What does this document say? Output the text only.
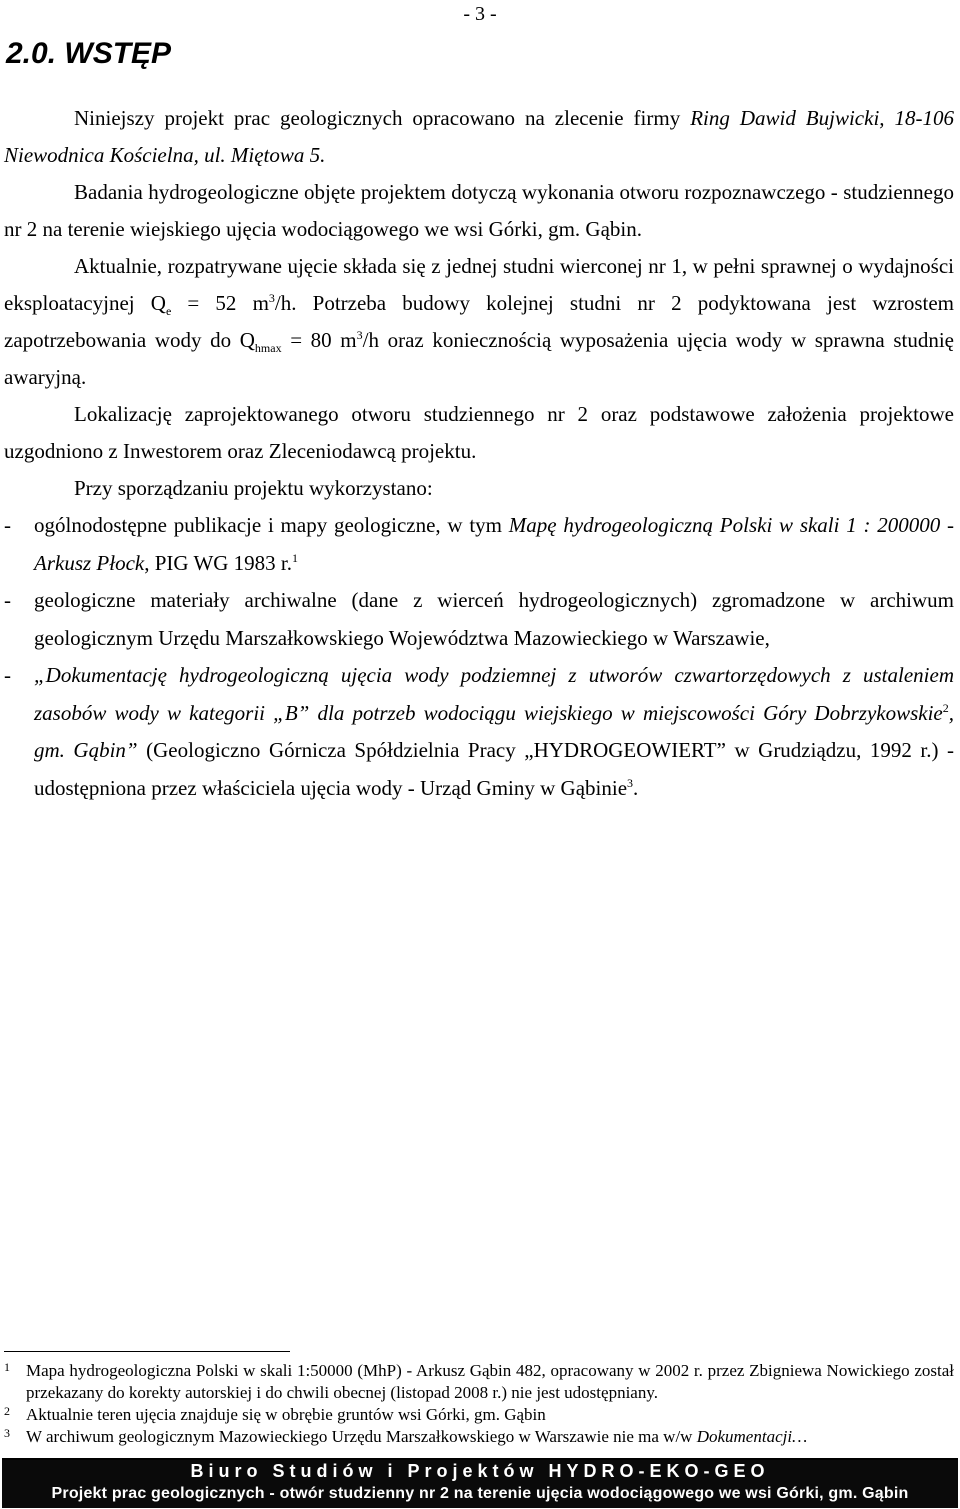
- 3 -
2.0. WSTĘP

Niniejszy projekt prac geologicznych opracowano na zlecenie firmy Ring Dawid Bujwicki, 18-106 Niewodnica Kościelna, ul. Miętowa 5.

Badania hydrogeologiczne objęte projektem dotyczą wykonania otworu rozpoznawczego - studziennego nr 2 na terenie wiejskiego ujęcia wodociągowego we wsi Górki, gm. Gąbin.

Aktualnie, rozpatrywane ujęcie składa się z jednej studni wierconej nr 1, w pełni sprawnej o wydajności eksploatacyjnej $Q_e = 52$ $m^3/h$. Potrzeba budowy kolejnej studni nr 2 podyktowana jest wzrostem zapotrzebowania wody do $Q_{hmax} = 80$ $m^3/h$ oraz koniecznością wyposażenia ujęcia wody w sprawna studnię awaryjną.

Lokalizację zaprojektowanego otworu studziennego nr 2 oraz podstawowe założenia projektowe uzgodniono z Inwestorem oraz Zleceniodawcą projektu.

Przy sporządzaniu projektu wykorzystano:

- ogólnodostępne publikacje i mapy geologiczne, w tym Mapę hydrogeologiczną Polski w skali 1 : 200000 - Arkusz Płock, PIG WG 1983 r.$^1$

- geologiczne materiały archiwalne (dane z wierceń hydrogeologicznych) zgromadzone w archiwum geologicznym Urzędu Marszałkowskiego Województwa Mazowieckiego w Warszawie,

- „Dokumentację hydrogeologiczną ujęcia wody podziemnej z utworów czwartorzędowych z ustaleniem zasobów wody w kategorii „B” dla potrzeb wodociągu wiejskiego w miejscowości Góry Dobrzykowskie$^2$, gm. Gąbin” (Geologiczno Górnicza Spółdzielnia Pracy „HYDROGEOWIERT” w Grudziądzu, 1992 r.) - udostępniona przez właściciela ujęcia wody - Urząd Gminy w Gąbinie$^3$.

1 Mapa hydrogeologiczna Polski w skali 1:50000 (MhP) - Arkusz Gąbin 482, opracowany w 2002 r. przez Zbigniewa Nowickiego został przekazany do korekty autorskiej i do chwili obecnej (listopad 2008 r.) nie jest udostępniany.

2 Aktualnie teren ujęcia znajduje się w obrębie gruntów wsi Górki, gm. Gąbin

3 W archiwum geologicznym Mazowieckiego Urzędu Marszałkowskiego w Warszawie nie ma w/w Dokumentacji…

Biuro Studiów i Projektów HYDRO-EKO-GEO
Projekt prac geologicznych - otwór studzienny nr 2 na terenie ujęcia wodociągowego we wsi Górki, gm. Gąbin
